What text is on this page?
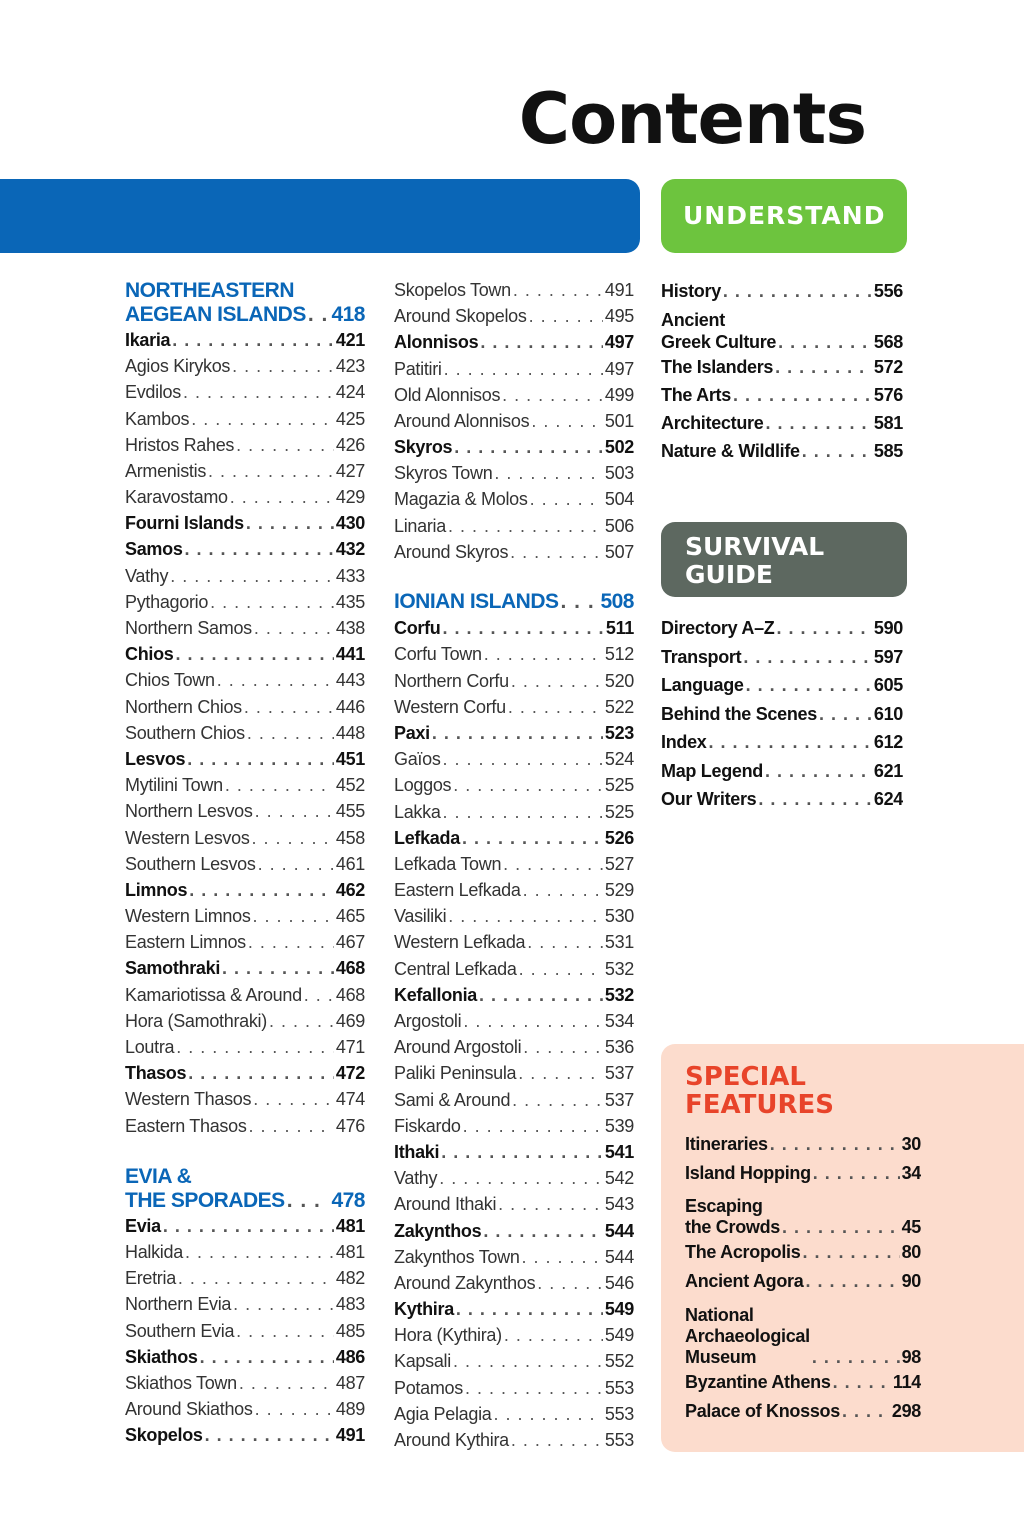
Contents
UNDERSTAND
SURVIVAL
GUIDE
SPECIAL
FEATURES
NORTHEASTERN
AEGEAN ISLANDS . . . 418
Ikaria . . .	421
Agios Kirykos . . .	423
Evdilos . . .	424
Kambos . . .	425
Hristos Rahes . . .	426
Armenistis . . .	427
Karavostamo . . .	429
Fourni Islands . . .	430
Samos . . .	432
Vathy . . .	433
Pythagorio . . .	435
Northern Samos . . .	438
Chios . . .	441
Chios Town . . .	443
Northern Chios . . .	446
Southern Chios . . .	448
Lesvos . . .	451
Mytilini Town . . .	452
Northern Lesvos . . .	455
Western Lesvos . . .	458
Southern Lesvos . . .	461
Limnos . . .	462
Western Limnos . . .	465
Eastern Limnos . . .	467
Samothraki . . .	468
Kamariotissa & Around . . . 468
Hora (Samothraki) . . .	469
Loutra . . .	471
Thasos . . .	472
Western Thasos . . .	474
Eastern Thasos . . .	476
EVIA &
THE SPORADES . . . 478
Evia . . .	481
Halkida . . .	481
Eretria . . .	482
Northern Evia . . .	483
Southern Evia . . .	485
Skiathos . . .	486
Skiathos Town . . .	487
Around Skiathos . . .	489
Skopelos . . .	491
Skopelos Town . . .	491
Around Skopelos . . .	495
Alonnisos . . .	497
Patitiri . . .	497
Old Alonnisos . . .	499
Around Alonnisos . . .	501
Skyros . . .	502
Skyros Town . . .	503
Magazia & Molos . . .	504
Linaria . . .	506
Around Skyros . . .	507
IONIAN ISLANDS . . . 508
Corfu . . .	511
Corfu Town . . .	512
Northern Corfu . . .	520
Western Corfu . . .	522
Paxi . . .	523
Gaïos . . .	524
Loggos . . .	525
Lakka . . .	525
Lefkada . . .	526
Lefkada Town . . .	527
Eastern Lefkada . . .	529
Vasiliki . . .	530
Western Lefkada . . .	531
Central Lefkada . . .	532
Kefallonia . . .	532
Argostoli . . .	534
Around Argostoli . . .	536
Paliki Peninsula . . .	537
Sami & Around . . .	537
Fiskardo . . .	539
Ithaki . . .	541
Vathy . . .	542
Around Ithaki . . .	543
Zakynthos . . .	544
Zakynthos Town . . .	544
Around Zakynthos . . .	546
Kythira . . .	549
Hora (Kythira) . . .	549
Kapsali . . .	552
Potamos . . .	553
Agia Pelagia . . .	553
Around Kythira . . .	553
History . . .	556
Ancient
Greek Culture . . .	568
The Islanders . . .	572
The Arts . . .	576
Architecture . . .	581
Nature & Wildlife . . .	585
Directory A–Z . . .	590
Transport . . .	597
Language . . .	605
Behind the Scenes . . .	610
Index . . .	612
Map Legend . . .	621
Our Writers . . .	624
Itineraries . . .	30
Island Hopping . . .	34
Escaping
the Crowds . . .	45
The Acropolis . . .	80
Ancient Agora . . .	90
National
Archaeological
Museum . . .	98
Byzantine Athens . . .	114
Palace of Knossos . . .	298
